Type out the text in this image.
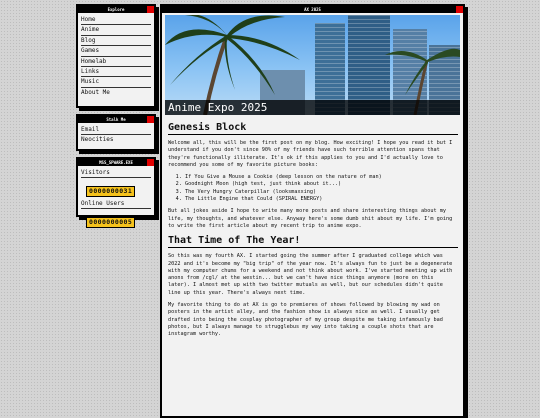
Explore
Home
Anime
Blog
Games
Homelab
Links
Music
About Me
Stalk Me
Email
Neocities
MSS_SPWARE.EXE
Visitors
0000000031
Online Users
0000000005
AX 2025
Anime Expo 2025
Genesis Block

Welcome all, this will be the first post on my blog. How exciting! I hope you read it but I understand if you don't since 90% of my friends have such terrible attention spans that they're functionally illiterate. It's ok if this applies to you and I'd actually love to recommend you some of my favorite picture books:

1. If You Give a Mouse a Cookie (deep lesson on the nature of man)
2. Goodnight Moon (high test, just think about it...)
3. The Very Hungry Caterpillar (looksmaxxing)
4. The Little Engine that Could (SPIRAL ENERGY)

But all jokes aside I hope to write many more posts and share interesting things about my life, my thoughts, and whatever else. Anyway here's some dumb shit about my life. I'm going to write the first article about my recent trip to anime expo.

That Time of The Year!

So this was my fourth AX. I started going the summer after I graduated college which was 2022 and it's become my "big trip" of the year now. It's always fun to just be a degenerate with my computer chums for a weekend and not think about work. I've started meeting up with anons from /cgl/ at the westin... but we can't have nice things anymore (more on this later). I almost met up with two twitter mutuals as well, but our schedules didn't quite line up this year. There's always next time.

My favorite thing to do at AX is go to premieres of shows followed by blowing my wad on posters in the artist alley, and the fashion show is always nice as well. I usually get drafted into being the cosplay photographer of my group despite me taking infamously bad photos, but I always manage to strugglebus my way into taking a couple shots that are instagram worthy.
